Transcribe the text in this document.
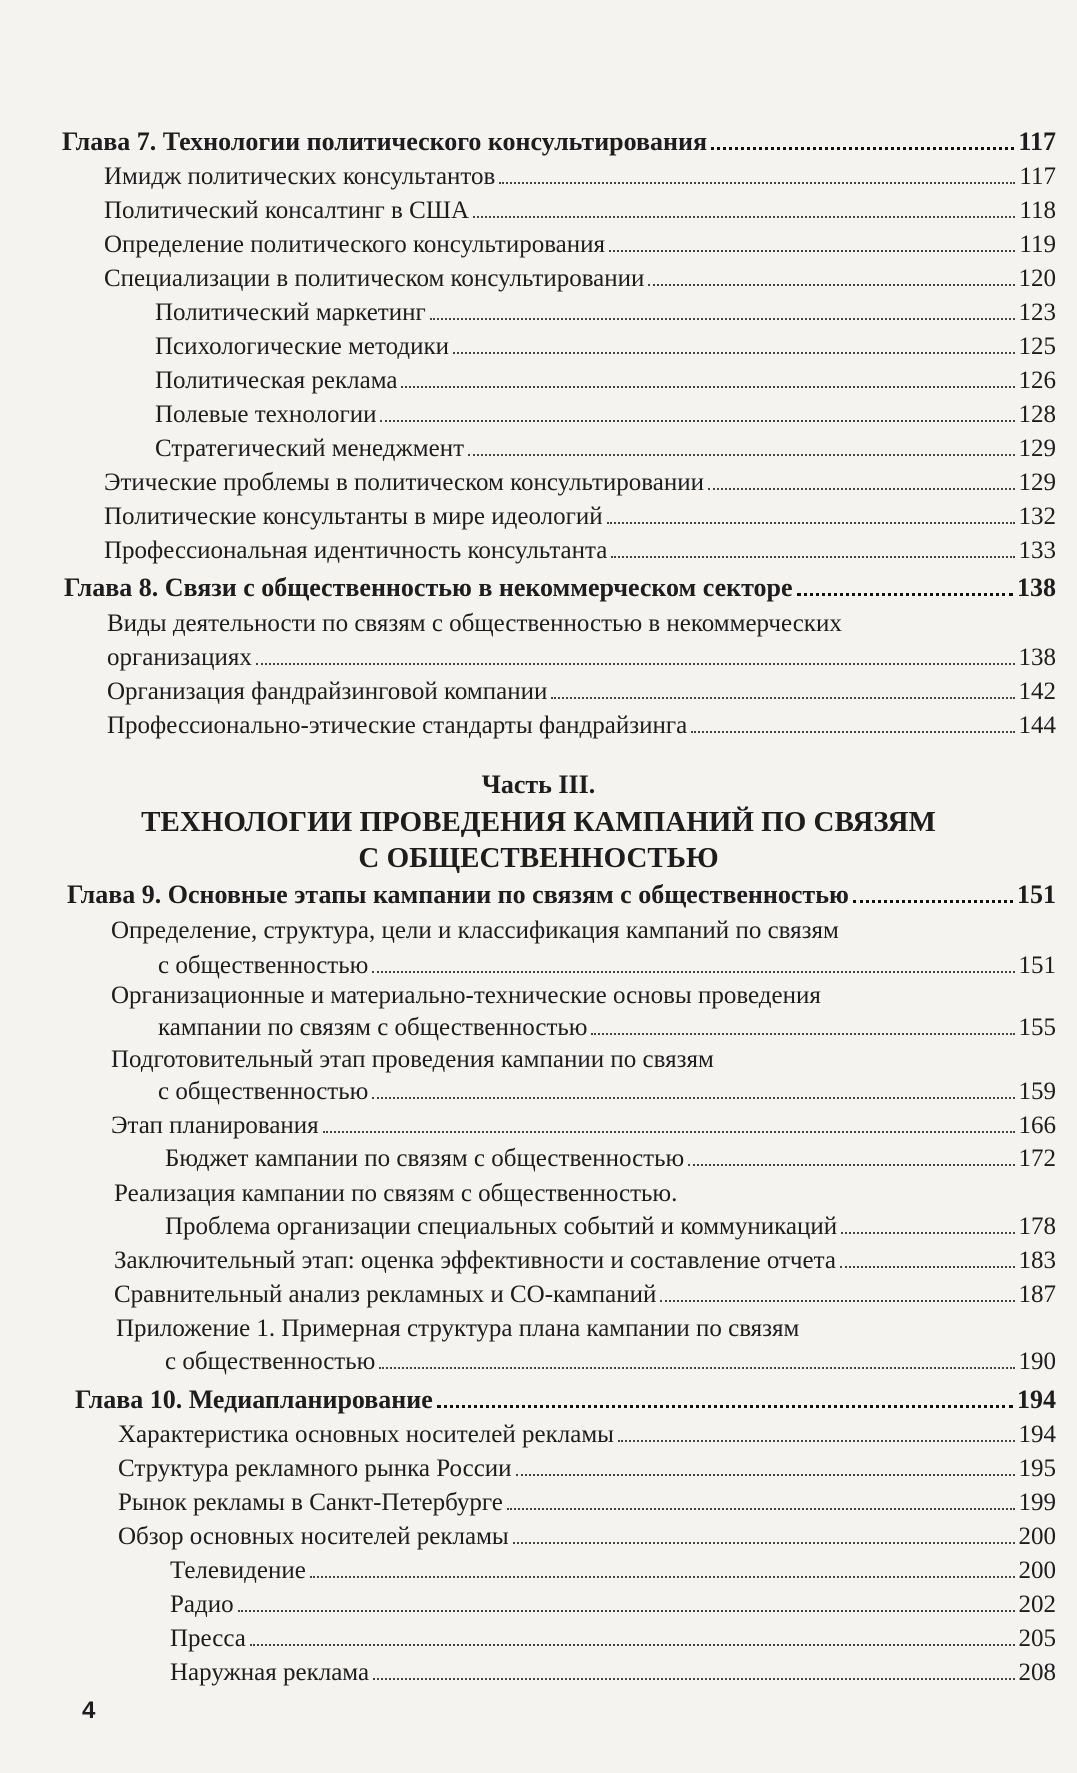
Глава 7. Технологии политического консультирования	117
Имидж политических консультантов	117
Политический консалтинг в США	118
Определение политического консультирования	119
Специализации в политическом консультировании	120
Политический маркетинг	123
Психологические методики	125
Политическая реклама	126
Полевые технологии	128
Стратегический менеджмент	129
Этические проблемы в политическом консультировании	129
Политические консультанты в мире идеологий	132
Профессиональная идентичность консультанта	133
Глава 8. Связи с общественностью в некоммерческом секторе	138
Виды деятельности по связям с общественностью в некоммерческих
организациях	138
Организация фандрайзинговой компании	142
Профессионально-этические стандарты фандрайзинга	144
Часть III.
ТЕХНОЛОГИИ ПРОВЕДЕНИЯ КАМПАНИЙ ПО СВЯЗЯМ
С ОБЩЕСТВЕННОСТЬЮ
Глава 9. Основные этапы кампании по связям с общественностью	151
Определение, структура, цели и классификация кампаний по связям
с общественностью	151
Организационные и материально-технические основы проведения
кампании по связям с общественностью	155
Подготовительный этап проведения кампании по связям
с общественностью	159
Этап планирования	166
Бюджет кампании по связям с общественностью	172
Реализация кампании по связям с общественностью.
Проблема организации специальных событий и коммуникаций	178
Заключительный этап: оценка эффективности и составление отчета	183
Сравнительный анализ рекламных и СО-кампаний	187
Приложение 1. Примерная структура плана кампании по связям
с общественностью	190
Глава 10. Медиапланирование	194
Характеристика основных носителей рекламы	194
Структура рекламного рынка России	195
Рынок рекламы в Санкт-Петербурге	199
Обзор основных носителей рекламы	200
Телевидение	200
Радио	202
Пресса	205
Наружная реклама	208
4
